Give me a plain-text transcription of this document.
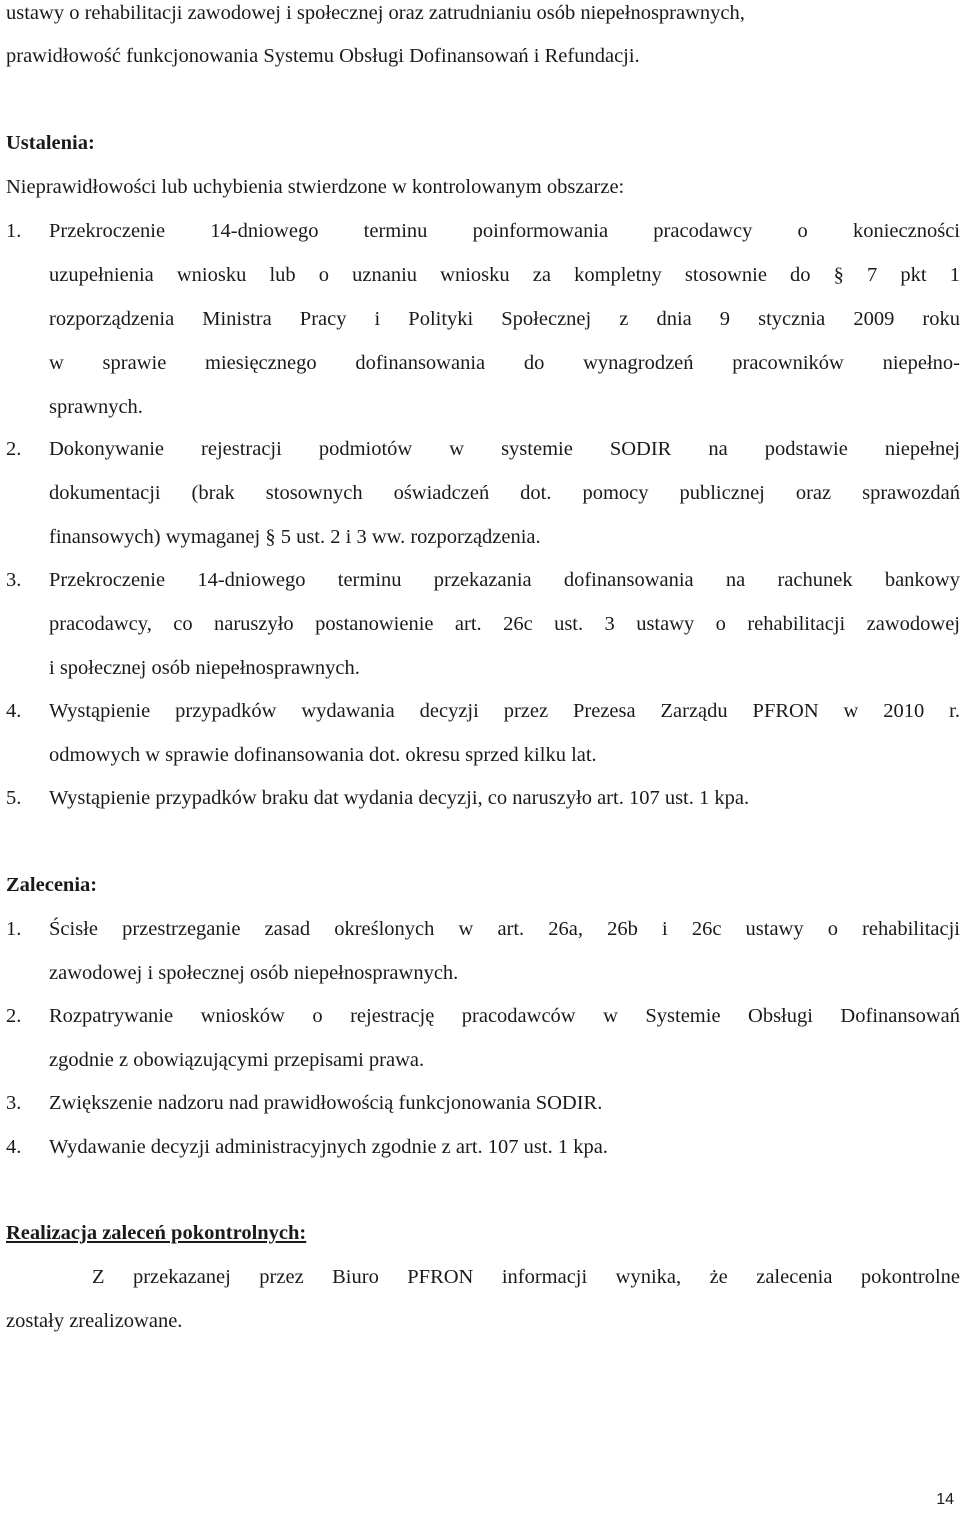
ustawy o rehabilitacji zawodowej i społecznej oraz zatrudnianiu osób niepełnosprawnych,
prawidłowość funkcjonowania Systemu Obsługi Dofinansowań i Refundacji.
Ustalenia:
Nieprawidłowości lub uchybienia stwierdzone w kontrolowanym obszarze:
1. Przekroczenie 14-dniowego terminu poinformowania pracodawcy o konieczności
uzupełnienia wniosku lub o uznaniu wniosku za kompletny stosownie do § 7 pkt 1
rozporządzenia Ministra Pracy i Polityki Społecznej z dnia 9 stycznia 2009 roku
w sprawie miesięcznego dofinansowania do wynagrodzeń pracowników niepełno-
sprawnych.
2. Dokonywanie rejestracji podmiotów w systemie SODIR na podstawie niepełnej
dokumentacji (brak stosownych oświadczeń dot. pomocy publicznej oraz sprawozdań
finansowych) wymaganej § 5 ust. 2 i 3 ww. rozporządzenia.
3. Przekroczenie 14-dniowego terminu przekazania dofinansowania na rachunek bankowy
pracodawcy, co naruszyło postanowienie art. 26c ust. 3 ustawy o rehabilitacji zawodowej
i społecznej osób niepełnosprawnych.
4. Wystąpienie przypadków wydawania decyzji przez Prezesa Zarządu PFRON w 2010 r.
odmowych w sprawie dofinansowania dot. okresu sprzed kilku lat.
5. Wystąpienie przypadków braku dat wydania decyzji, co naruszyło art. 107 ust. 1 kpa.
Zalecenia:
1. Ścisłe przestrzeganie zasad określonych w art. 26a, 26b i 26c ustawy o rehabilitacji
zawodowej i społecznej osób niepełnosprawnych.
2. Rozpatrywanie wniosków o rejestrację pracodawców w Systemie Obsługi Dofinansowań
zgodnie z obowiązującymi przepisami prawa.
3. Zwiększenie nadzoru nad prawidłowością funkcjonowania SODIR.
4. Wydawanie decyzji administracyjnych zgodnie z art. 107 ust. 1 kpa.
Realizacja zaleceń pokontrolnych:
Z przekazanej przez Biuro PFRON informacji wynika, że zalecenia pokontrolne
zostały zrealizowane.
14
